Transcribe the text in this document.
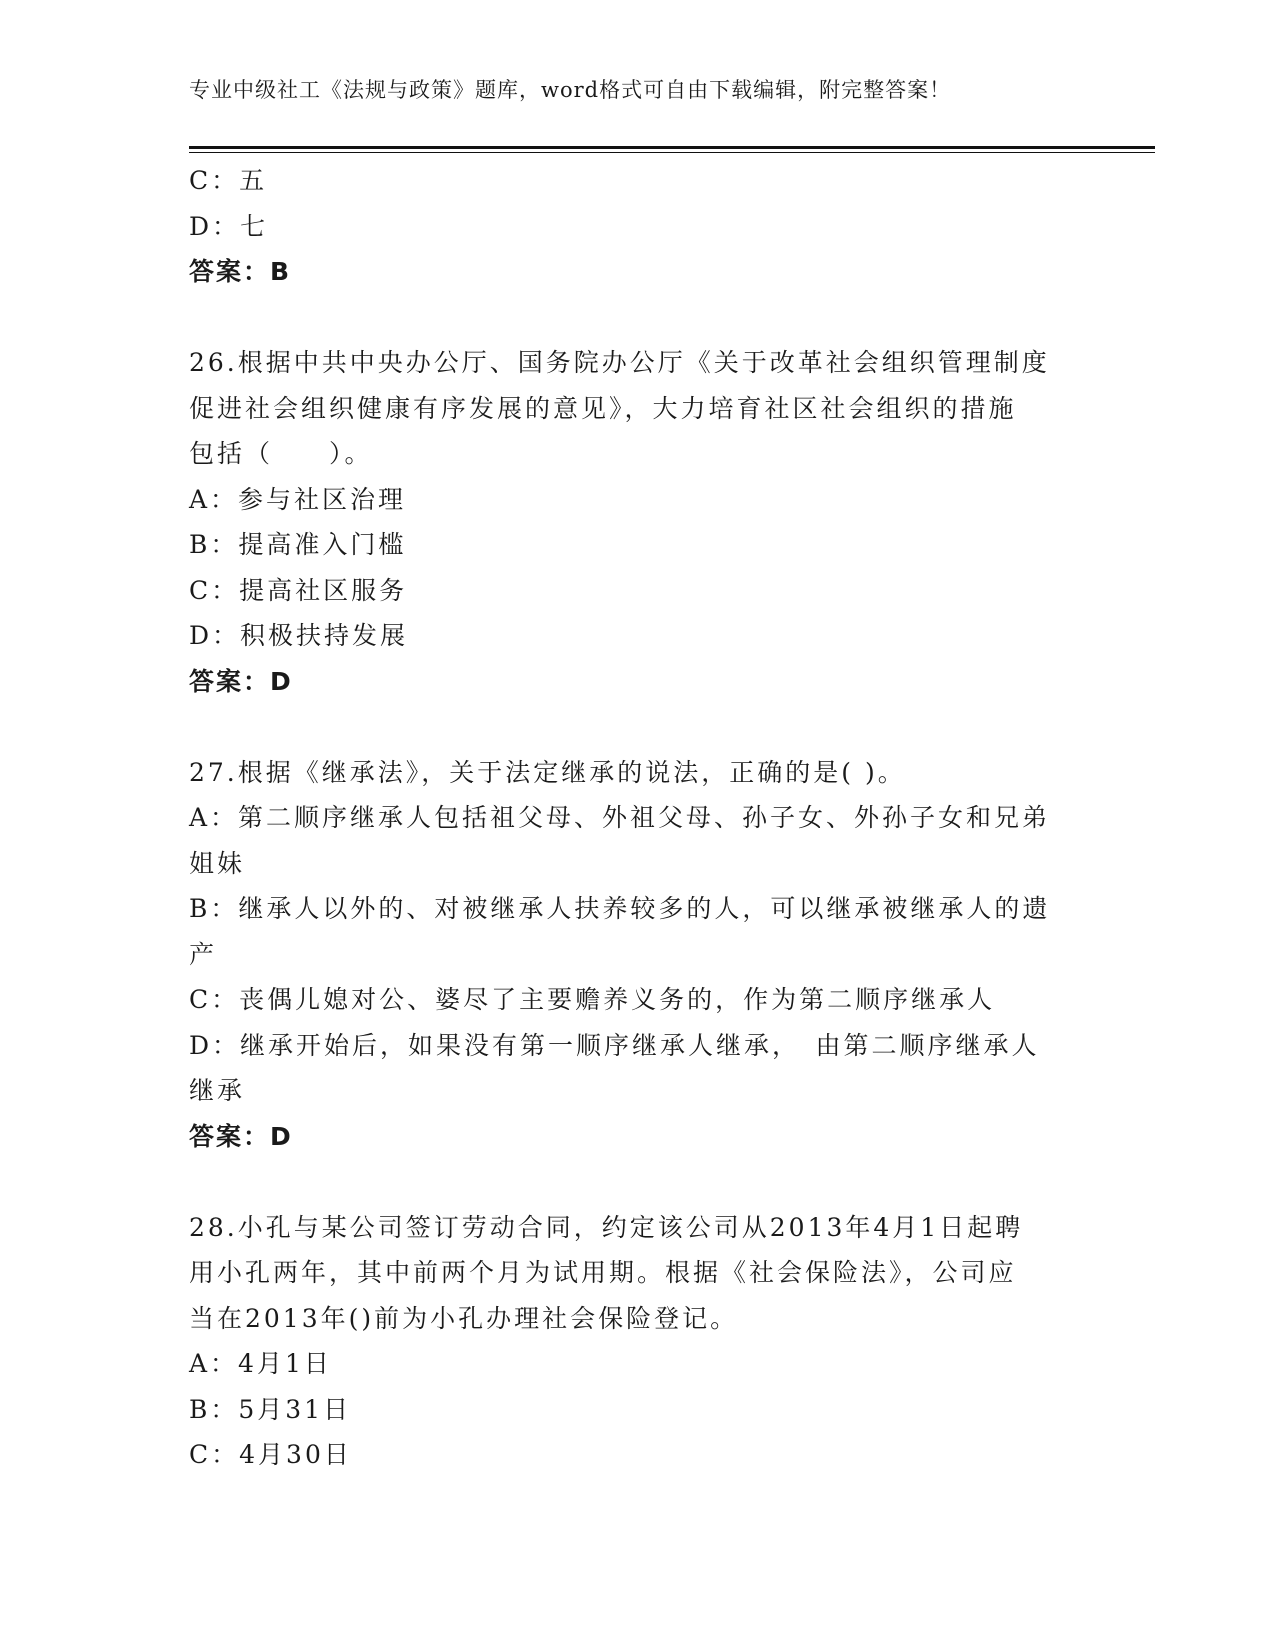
专业中级社工《法规与政策》题库，word格式可自由下载编辑，附完整答案！
C：五
D：七
答案：B
26.根据中共中央办公厅、国务院办公厅《关于改革社会组织管理制度
促进社会组织健康有序发展的意见》，大力培育社区社会组织的措施
包括（　　）。
A：参与社区治理
B：提高准入门槛
C：提高社区服务
D：积极扶持发展
答案：D
27.根据《继承法》，关于法定继承的说法，正确的是( )。
A：第二顺序继承人包括祖父母、外祖父母、孙子女、外孙子女和兄弟
姐妹
B：继承人以外的、对被继承人扶养较多的人，可以继承被继承人的遗
产
C：丧偶儿媳对公、婆尽了主要赡养义务的，作为第二顺序继承人
D：继承开始后，如果没有第一顺序继承人继承，　由第二顺序继承人
继承
答案：D
28.小孔与某公司签订劳动合同，约定该公司从2013年4月1日起聘
用小孔两年，其中前两个月为试用期。根据《社会保险法》，公司应
当在2013年()前为小孔办理社会保险登记。
A：4月1日
B：5月31日
C：4月30日
